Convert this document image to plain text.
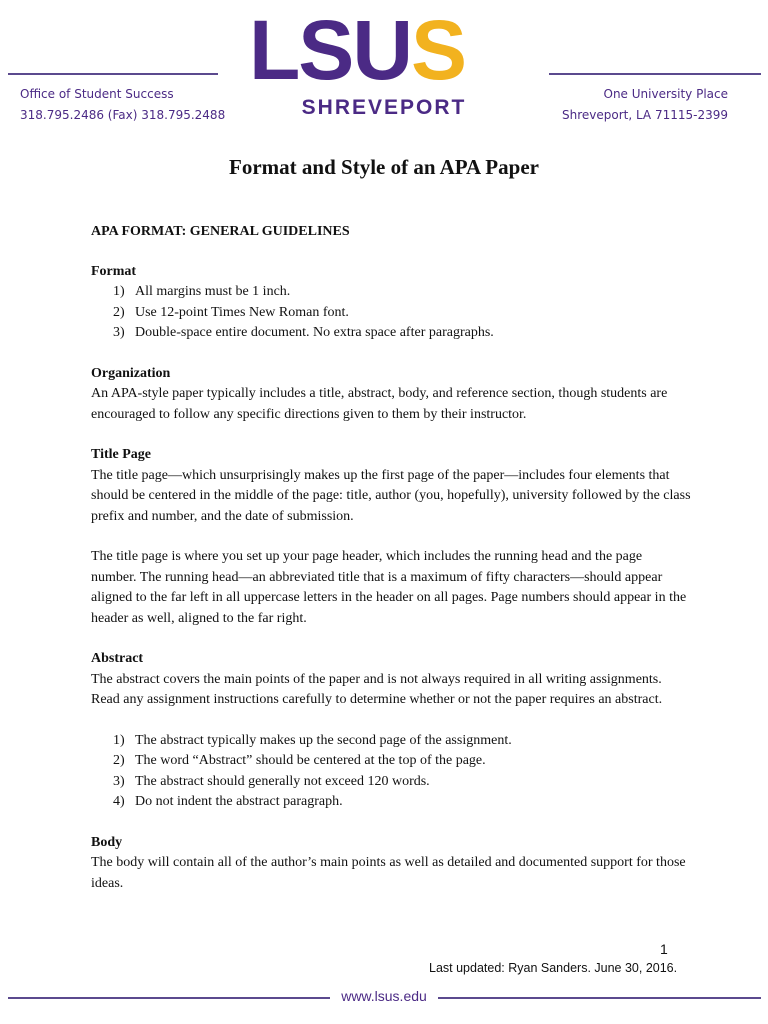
LSUS
SHREVEPORT
Office of Student Success
318.795.2486 (Fax) 318.795.2488
One University Place
Shreveport, LA 71115-2399
Format and Style of an APA Paper

APA FORMAT: GENERAL GUIDELINES

Format

1) All margins must be 1 inch.
2) Use 12-point Times New Roman font.
3) Double-space entire document. No extra space after paragraphs.

Organization

An APA-style paper typically includes a title, abstract, body, and reference section, though students are encouraged to follow any specific directions given to them by their instructor.

Title Page

The title page—which unsurprisingly makes up the first page of the paper—includes four elements that should be centered in the middle of the page: title, author (you, hopefully), university followed by the class prefix and number, and the date of submission.

The title page is where you set up your page header, which includes the running head and the page number. The running head—an abbreviated title that is a maximum of fifty characters—should appear aligned to the far left in all uppercase letters in the header on all pages. Page numbers should appear in the header as well, aligned to the far right.

Abstract

The abstract covers the main points of the paper and is not always required in all writing assignments. Read any assignment instructions carefully to determine whether or not the paper requires an abstract.

1) The abstract typically makes up the second page of the assignment.
2) The word “Abstract” should be centered at the top of the page.
3) The abstract should generally not exceed 120 words.
4) Do not indent the abstract paragraph.

Body

The body will contain all of the author’s main points as well as detailed and documented support for those ideas.

1
Last updated: Ryan Sanders. June 30, 2016.
www.lsus.edu
